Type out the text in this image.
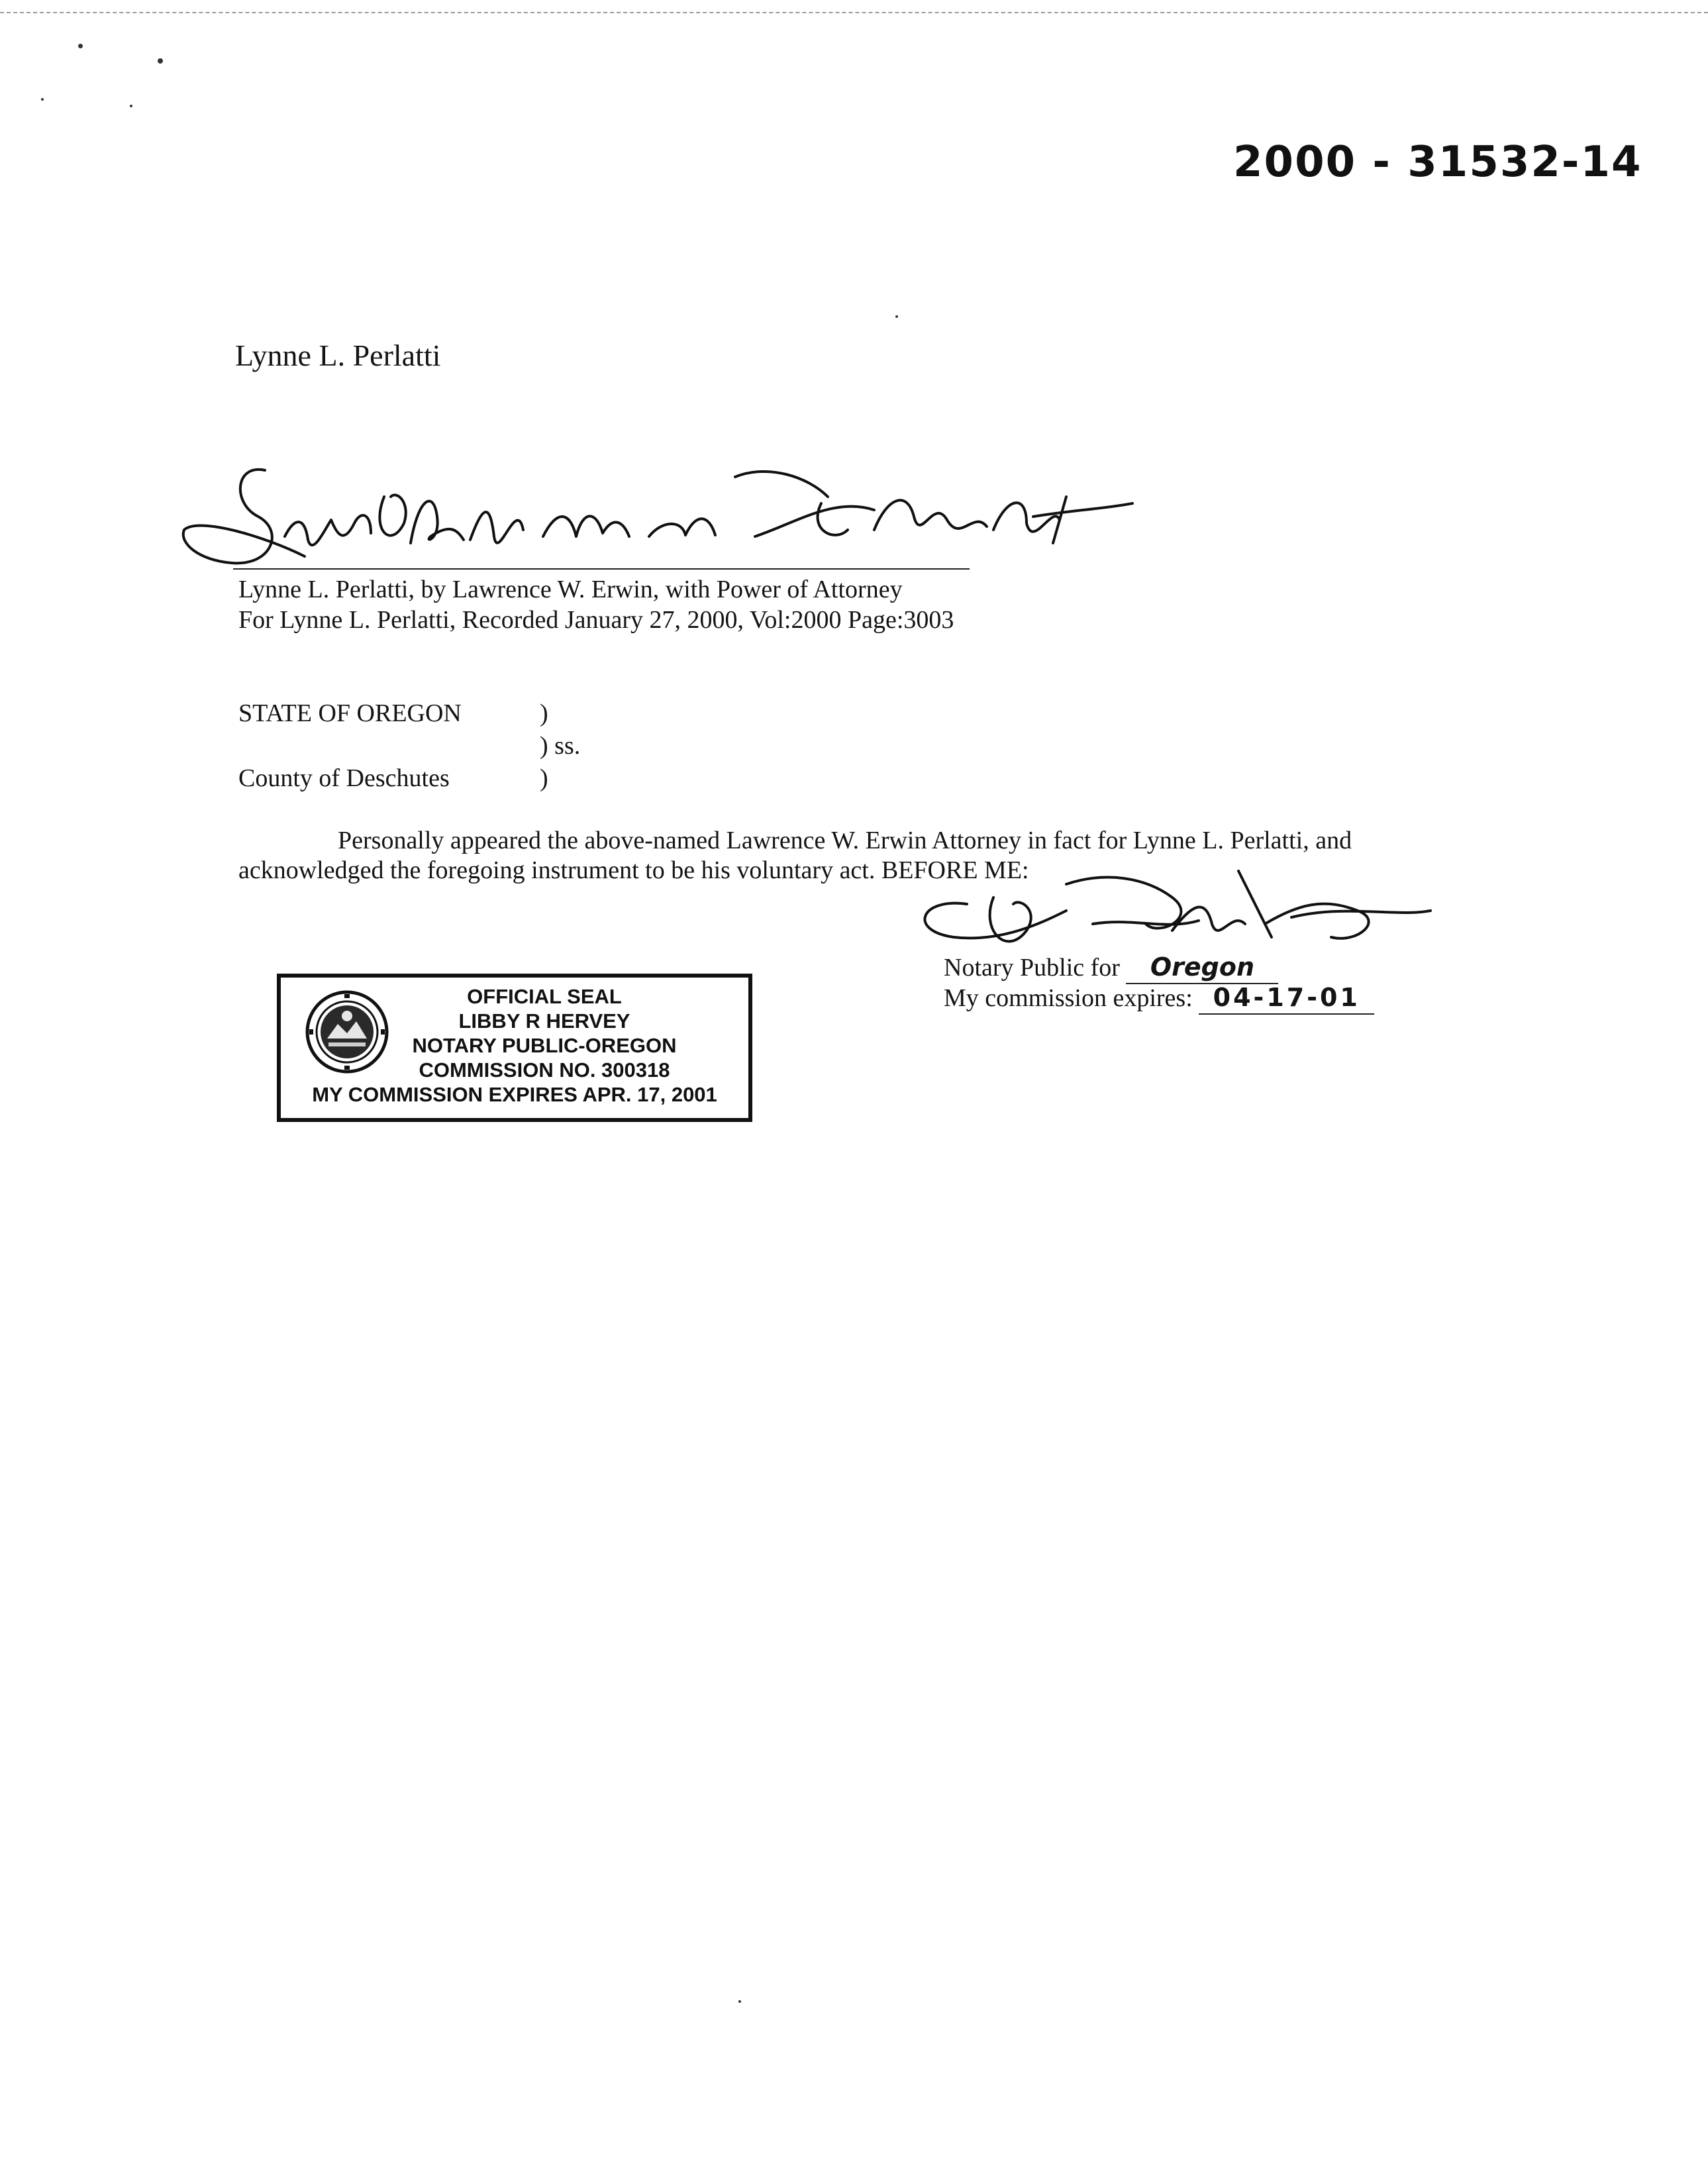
2000 - 31532-14
Lynne L. Perlatti
Lynne L. Perlatti, by Lawrence W. Erwin, with Power of Attorney
For Lynne L. Perlatti, Recorded January 27, 2000, Vol:2000 Page:3003
STATE OF OREGON	)
) ss.
County of Deschutes	)
Personally appeared the above-named Lawrence W. Erwin Attorney in fact for Lynne L. Perlatti, and
acknowledged the foregoing instrument to be his voluntary act. BEFORE ME:
Notary Public for Oregon
My commission expires: 04-17-01
OFFICIAL SEAL
LIBBY R HERVEY
NOTARY PUBLIC-OREGON
COMMISSION NO. 300318
MY COMMISSION EXPIRES APR. 17, 2001
